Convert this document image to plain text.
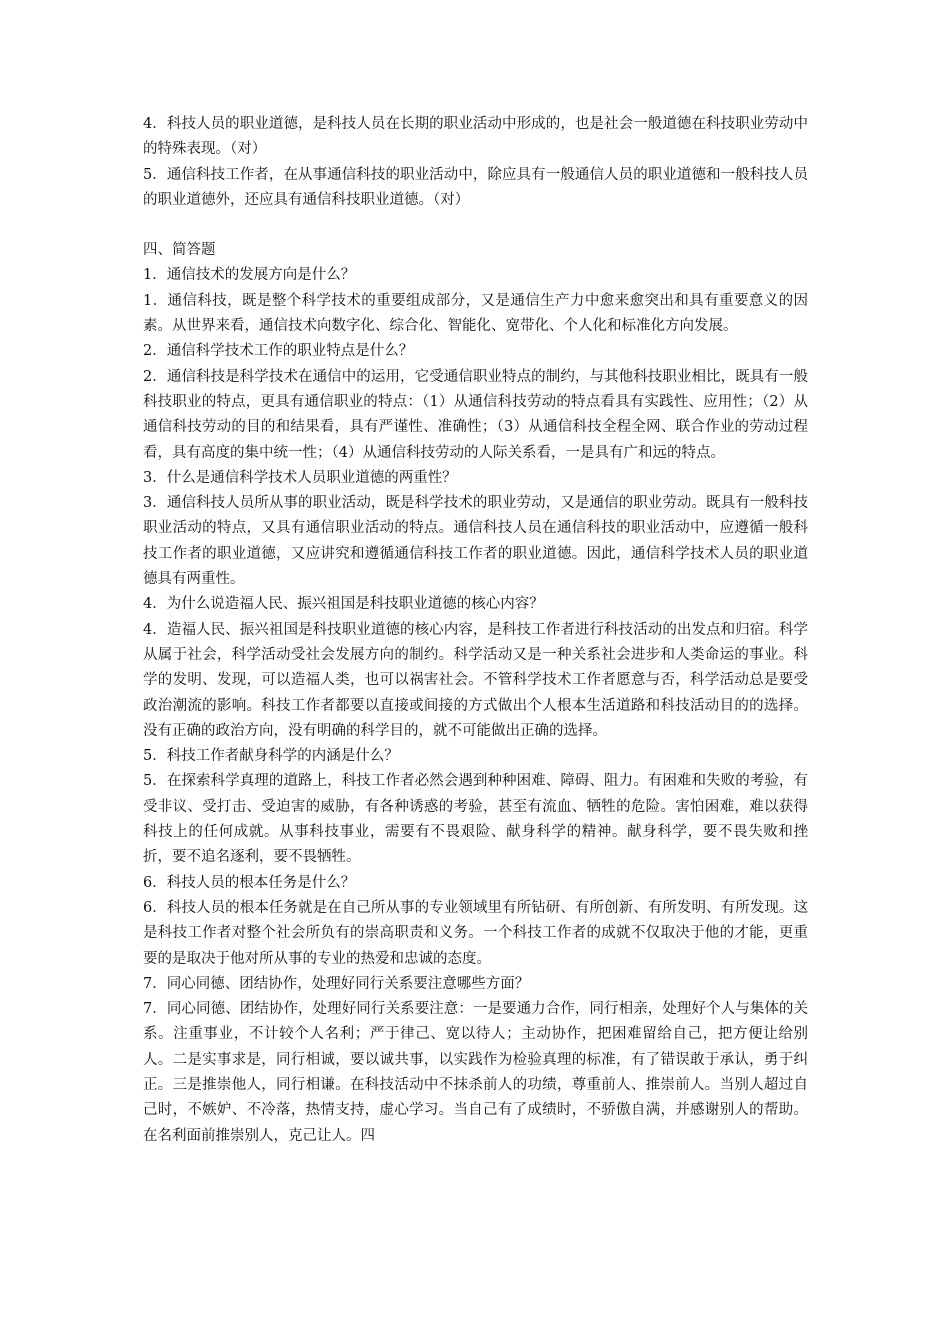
4．科技人员的职业道德，是科技人员在长期的职业活动中形成的，也是社会一般道德在科技职业劳动中的特殊表现。（对）

5．通信科技工作者，在从事通信科技的职业活动中，除应具有一般通信人员的职业道德和一般科技人员的职业道德外，还应具有通信科技职业道德。（对）

四、简答题

1．通信技术的发展方向是什么？

1．通信科技，既是整个科学技术的重要组成部分，又是通信生产力中愈来愈突出和具有重要意义的因素。从世界来看，通信技术向数字化、综合化、智能化、宽带化、个人化和标准化方向发展。

2．通信科学技术工作的职业特点是什么？

2．通信科技是科学技术在通信中的运用，它受通信职业特点的制约，与其他科技职业相比，既具有一般科技职业的特点，更具有通信职业的特点：（1）从通信科技劳动的特点看具有实践性、应用性；（2）从通信科技劳动的目的和结果看，具有严谨性、准确性；（3）从通信科技全程全网、联合作业的劳动过程看，具有高度的集中统一性；（4）从通信科技劳动的人际关系看，一是具有广和远的特点。

3．什么是通信科学技术人员职业道德的两重性？

3．通信科技人员所从事的职业活动，既是科学技术的职业劳动，又是通信的职业劳动。既具有一般科技职业活动的特点，又具有通信职业活动的特点。通信科技人员在通信科技的职业活动中，应遵循一般科技工作者的职业道德，又应讲究和遵循通信科技工作者的职业道德。因此，通信科学技术人员的职业道德具有两重性。

4．为什么说造福人民、振兴祖国是科技职业道德的核心内容？

4．造福人民、振兴祖国是科技职业道德的核心内容，是科技工作者进行科技活动的出发点和归宿。科学从属于社会，科学活动受社会发展方向的制约。科学活动又是一种关系社会进步和人类命运的事业。科学的发明、发现，可以造福人类，也可以祸害社会。不管科学技术工作者愿意与否，科学活动总是要受政治潮流的影响。科技工作者都要以直接或间接的方式做出个人根本生活道路和科技活动目的的选择。没有正确的政治方向，没有明确的科学目的，就不可能做出正确的选择。

5．科技工作者献身科学的内涵是什么？

5．在探索科学真理的道路上，科技工作者必然会遇到种种困难、障碍、阻力。有困难和失败的考验，有受非议、受打击、受迫害的威胁，有各种诱惑的考验，甚至有流血、牺牲的危险。害怕困难，难以获得科技上的任何成就。从事科技事业，需要有不畏艰险、献身科学的精神。献身科学，要不畏失败和挫折，要不追名逐利，要不畏牺牲。

6．科技人员的根本任务是什么？

6．科技人员的根本任务就是在自己所从事的专业领域里有所钻研、有所创新、有所发明、有所发现。这是科技工作者对整个社会所负有的崇高职责和义务。一个科技工作者的成就不仅取决于他的才能，更重要的是取决于他对所从事的专业的热爱和忠诚的态度。

7．同心同德、团结协作，处理好同行关系要注意哪些方面？

7．同心同德、团结协作，处理好同行关系要注意：一是要通力合作，同行相亲，处理好个人与集体的关系。注重事业，不计较个人名利；严于律己、宽以待人；主动协作，把困难留给自己，把方便让给别人。二是实事求是，同行相诚，要以诚共事，以实践作为检验真理的标准，有了错误敢于承认，勇于纠正。三是推崇他人，同行相谦。在科技活动中不抹杀前人的功绩，尊重前人、推崇前人。当别人超过自己时，不嫉妒、不冷落，热情支持，虚心学习。当自己有了成绩时，不骄傲自满，并感谢别人的帮助。在名利面前推崇别人，克己让人。四
